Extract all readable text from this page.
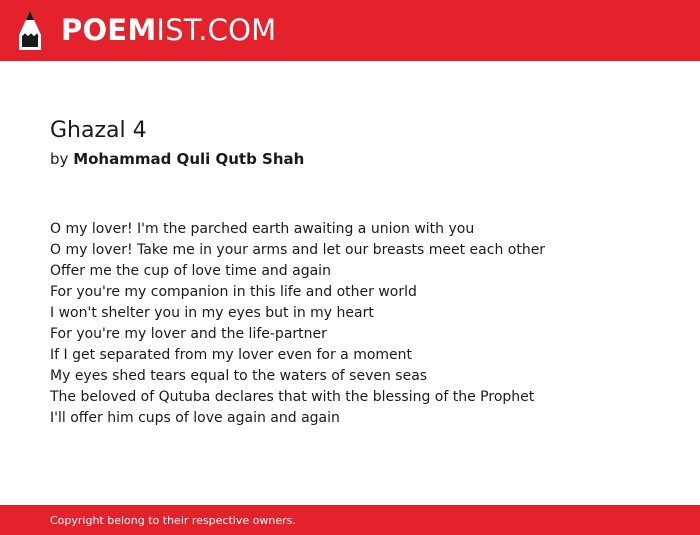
POEMIST.COM
Ghazal 4
by Mohammad Quli Qutb Shah
O my lover! I'm the parched earth awaiting a union with you
O my lover! Take me in your arms and let our breasts meet each other
Offer me the cup of love time and again
For you're my companion in this life and other world
I won't shelter you in my eyes but in my heart
For you're my lover and the life-partner
If I get separated from my lover even for a moment
My eyes shed tears equal to the waters of seven seas
The beloved of Qutuba declares that with the blessing of the Prophet
I'll offer him cups of love again and again
Copyright belong to their respective owners.
